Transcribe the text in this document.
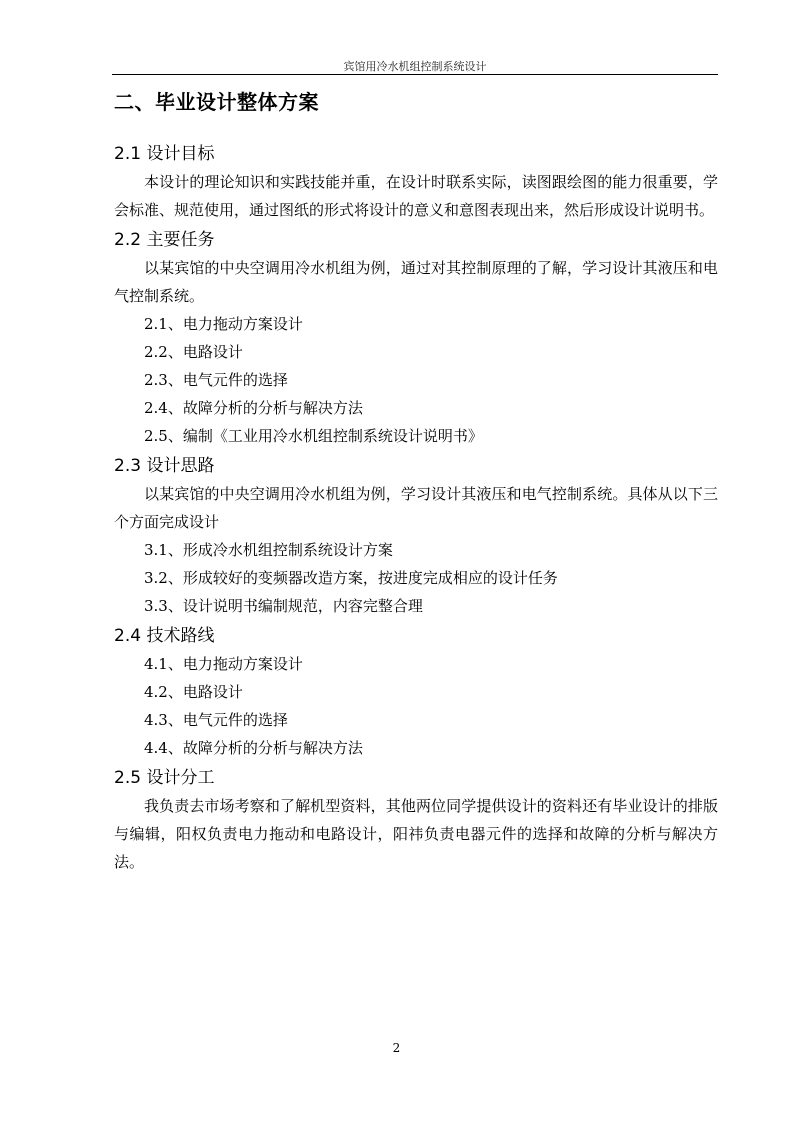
宾馆用冷水机组控制系统设计
二、毕业设计整体方案
2.1 设计目标

本设计的理论知识和实践技能并重，在设计时联系实际，读图跟绘图的能力很重要，学会标准、规范使用，通过图纸的形式将设计的意义和意图表现出来，然后形成设计说明书。

2.2 主要任务

以某宾馆的中央空调用冷水机组为例，通过对其控制原理的了解，学习设计其液压和电气控制系统。

2.1、电力拖动方案设计
2.2、电路设计
2.3、电气元件的选择
2.4、故障分析的分析与解决方法
2.5、编制《工业用冷水机组控制系统设计说明书》
2.3 设计思路

以某宾馆的中央空调用冷水机组为例，学习设计其液压和电气控制系统。具体从以下三个方面完成设计

3.1、形成冷水机组控制系统设计方案
3.2、形成较好的变频器改造方案，按进度完成相应的设计任务
3.3、设计说明书编制规范，内容完整合理
2.4 技术路线
4.1、电力拖动方案设计
4.2、电路设计
4.3、电气元件的选择
4.4、故障分析的分析与解决方法
2.5 设计分工

我负责去市场考察和了解机型资料，其他两位同学提供设计的资料还有毕业设计的排版与编辑，阳权负责电力拖动和电路设计，阳祎负责电器元件的选择和故障的分析与解决方法。

2
